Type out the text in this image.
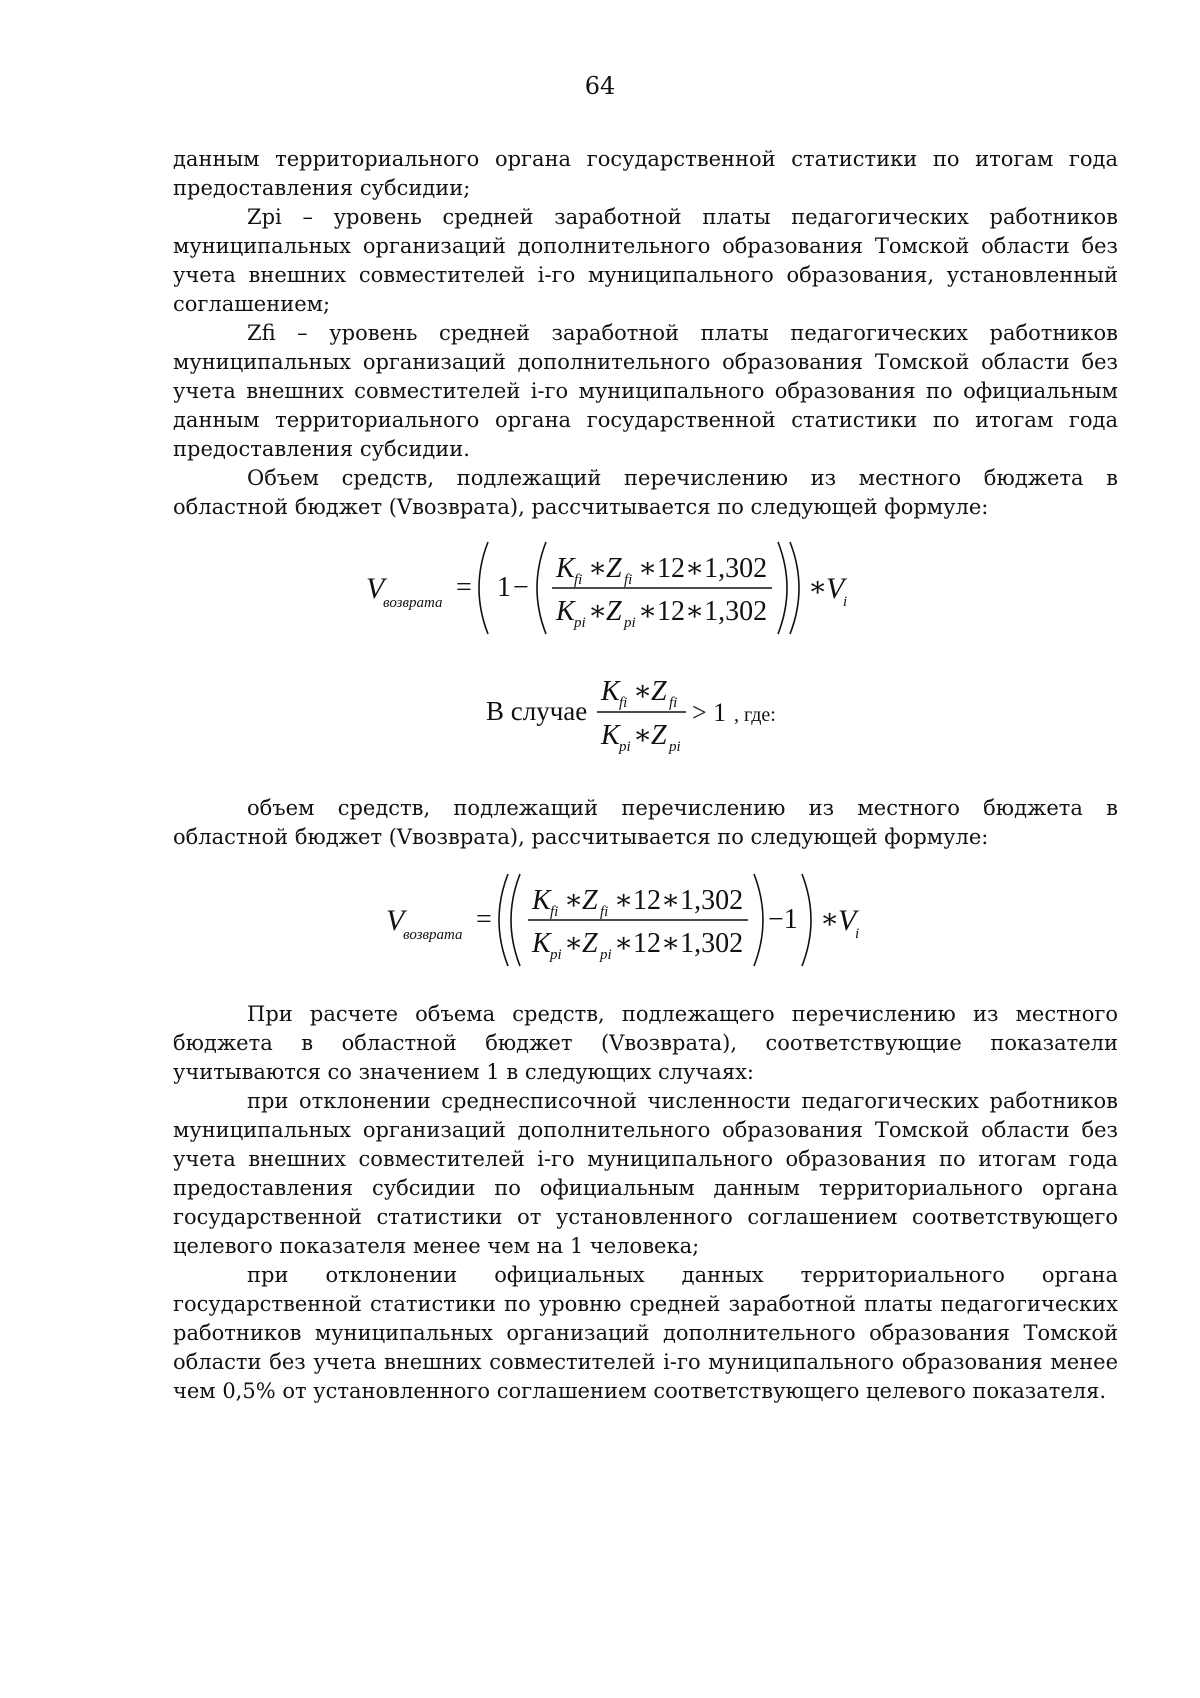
64

данным территориального органа государственной статистики по итогам года предоставления субсидии;

Zpi – уровень средней заработной платы педагогических работников муниципальных организаций дополнительного образования Томской области без учета внешних совместителей i-го муниципального образования, установленный соглашением;

Zfi – уровень средней заработной платы педагогических работников муниципальных организаций дополнительного образования Томской области без учета внешних совместителей i-го муниципального образования по официальным данным территориального органа государственной статистики по итогам года предоставления субсидии.

Объем средств, подлежащий перечислению из местного бюджета в областной бюджет (Vвозврата), рассчитывается по следующей формуле:

V
возврата = 1 −
K fi ∗
Z fi ∗12∗1,302
K pi ∗
Z pi ∗12∗1,302
∗
V
i
В случае
K fi ∗
Z fi
K pi ∗
Z pi
> 1 , где:

объем средств, подлежащий перечислению из местного бюджета в областной бюджет (Vвозврата), рассчитывается по следующей формуле:

V
возврата =
K fi ∗
Z fi ∗12∗1,302
K pi ∗
Z pi ∗12∗1,302
−1 ∗
V
i

При расчете объема средств, подлежащего перечислению из местного бюджета в областной бюджет (Vвозврата), соответствующие показатели учитываются со значением 1 в следующих случаях:

при отклонении среднесписочной численности педагогических работников муниципальных организаций дополнительного образования Томской области без учета внешних совместителей i-го муниципального образования по итогам года предоставления субсидии по официальным данным территориального органа государственной статистики от установленного соглашением соответствующего целевого показателя менее чем на 1 человека;

при отклонении официальных данных территориального органа государственной статистики по уровню средней заработной платы педагогических работников муниципальных организаций дополнительного образования Томской области без учета внешних совместителей i-го муниципального образования менее чем 0,5% от установленного соглашением соответствующего целевого показателя.
